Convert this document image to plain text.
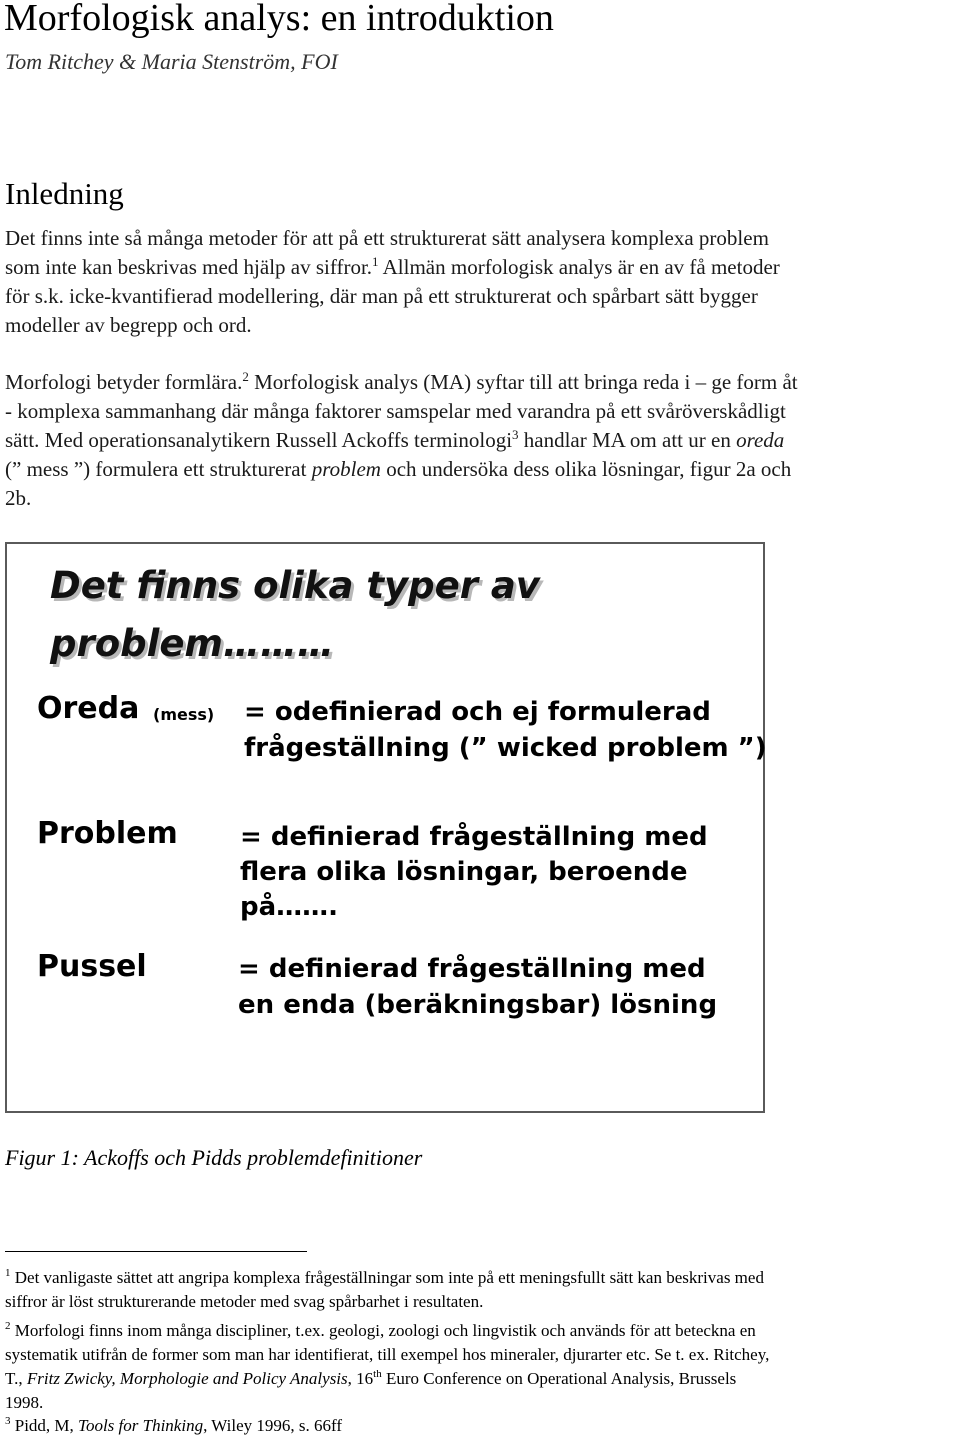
Morfologisk analys: en introduktion
Tom Ritchey & Maria Stenström, FOI
Inledning
Det finns inte så många metoder för att på ett strukturerat sätt analysera komplexa problem
som inte kan beskrivas med hjälp av siffror.$^1$ Allmän morfologisk analys är en av få metoder
för s.k. icke-kvantifierad modellering, där man på ett strukturerat och spårbart sätt bygger
modeller av begrepp och ord.
Morfologi betyder formlära.$^2$ Morfologisk analys (MA) syftar till att bringa reda i – ge form åt
- komplexa sammanhang där många faktorer samspelar med varandra på ett svåröverskådligt
sätt. Med operationsanalytikern Russell Ackoffs terminologi$^3$ handlar MA om att ur en oreda
(” mess ”) formulera ett strukturerat problem och undersöka dess olika lösningar, figur 2a och
2b.
Det finns olika typer av
problem………
Oreda (mess) = odefinierad och ej formulerad
frågeställning (” wicked problem ”)
Problem = definierad frågeställning med
flera olika lösningar, beroende
på…….
Pussel	= definierad frågeställning med
en enda (beräkningsbar) lösning
Figur 1: Ackoffs och Pidds problemdefinitioner
$^1$ Det vanligaste sättet att angripa komplexa frågeställningar som inte på ett meningsfullt sätt kan beskrivas med
siffror är löst strukturerande metoder med svag spårbarhet i resultaten.
$^2$ Morfologi finns inom många discipliner, t.ex. geologi, zoologi och lingvistik och används för att beteckna en
systematik utifrån de former som man har identifierat, till exempel hos mineraler, djurarter etc. Se t. ex. Ritchey,
T., Fritz Zwicky, Morphologie and Policy Analysis, 16th Euro Conference on Operational Analysis, Brussels
1998.
$^3$ Pidd, M, Tools for Thinking, Wiley 1996, s. 66ff
